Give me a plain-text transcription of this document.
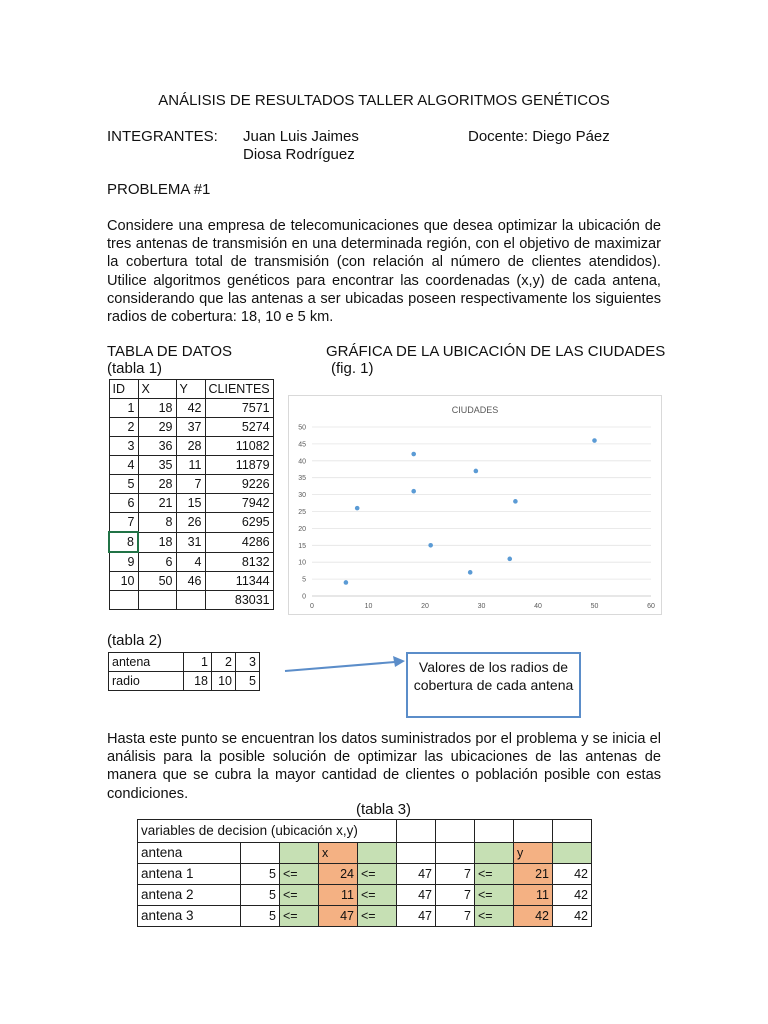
ANÁLISIS DE RESULTADOS TALLER ALGORITMOS GENÉTICOS
INTEGRANTES: Juan Luis Jaimes
Diosa Rodríguez
Docente: Diego Páez
PROBLEMA #1
Considere una empresa de telecomunicaciones que desea optimizar la ubicación de tres antenas de transmisión en una determinada región, con el objetivo de maximizar la cobertura total de transmisión (con relación al número de clientes atendidos). Utilice algoritmos genéticos para encontrar las coordenadas (x,y) de cada antena, considerando que las antenas a ser ubicadas poseen respectivamente los siguientes radios de cobertura: 18, 10 e 5 km.
TABLA DE DATOS
(tabla 1)
GRÁFICA DE LA UBICACIÓN DE LAS CIUDADES
(fig. 1)
ID	X	Y	CLIENTES
1	18	42	7571
2	29	37	5274
3	36	28	11082
4	35	11	11879
5	28	7	9226
6	21	15	7942
7	8	26	6295
8	18	31	4286
9	6	4	8132
10	50	46	11344
			83031
CIUDADES
0
5
10
15
20
25
30
35
40
45
50
0	10	20	30	40	50	60
(tabla 2)
antena	1	2	3
radio	18	10	5
Valores de los radios de cobertura de cada antena
Hasta este punto se encuentran los datos suministrados por el problema y se inicia el análisis para la posible solución de optimizar las ubicaciones de las antenas de manera que se cubra la mayor cantidad de clientes o población posible con estas condiciones.
(tabla 3)
variables de decision (ubicación x,y)									
antena			x					y	
antena 1	5	<=	24	<=	47	7	<=	21	42
antena 2	5	<=	11	<=	47	7	<=	11	42
antena 3	5	<=	47	<=	47	7	<=	42	42
